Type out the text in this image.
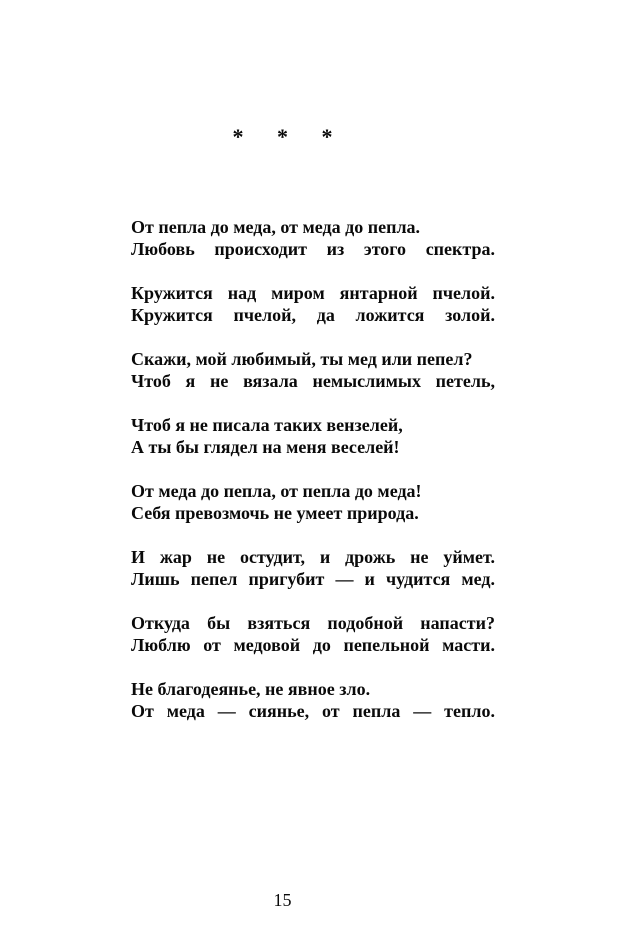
* * *
От пепла до меда, от меда до пепла.
Любовь происходит из этого спектра.
Кружится над миром янтарной пчелой.
Кружится пчелой, да ложится золой.
Скажи, мой любимый, ты мед или пепел?
Чтоб я не вязала немыслимых петель,
Чтоб я не писала таких вензелей,
А ты бы глядел на меня веселей!
От меда до пепла, от пепла до меда!
Себя превозмочь не умеет природа.
И жар не остудит, и дрожь не уймет.
Лишь пепел пригубит — и чудится мед.
Откуда бы взяться подобной напасти?
Люблю от медовой до пепельной масти.
Не благодеянье, не явное зло.
От меда — сиянье, от пепла — тепло.
15
